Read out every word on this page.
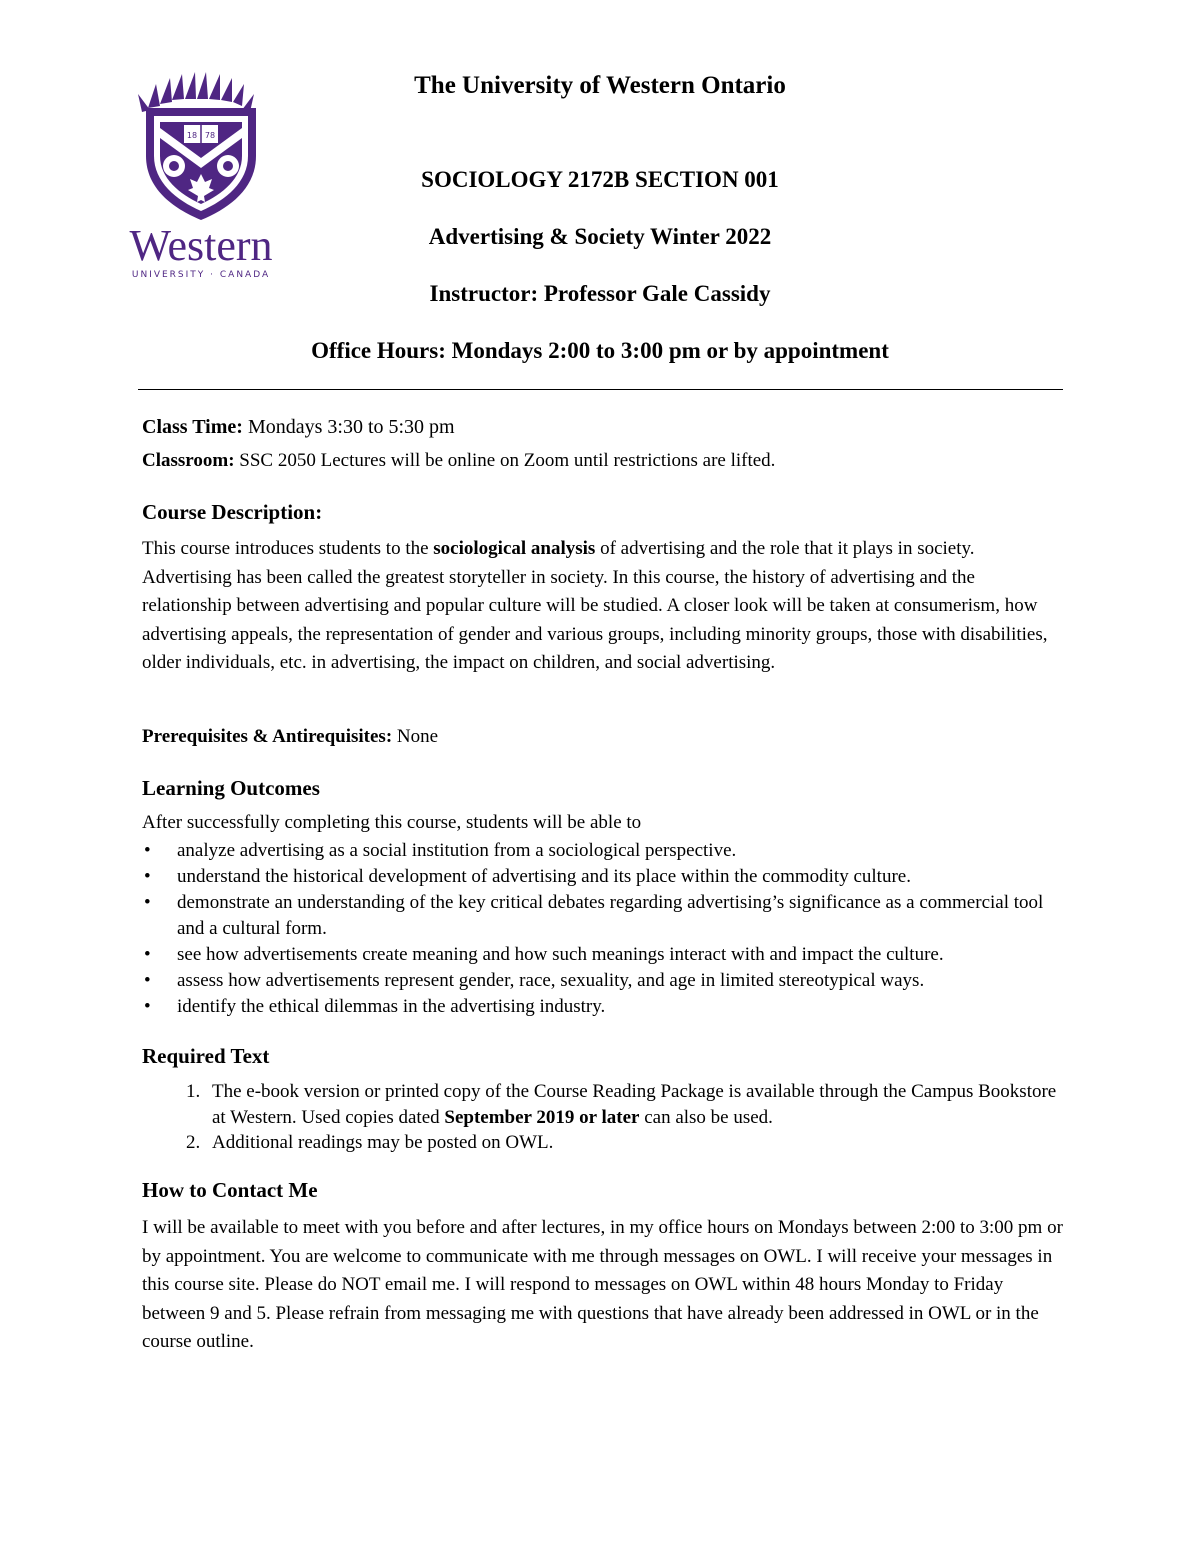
18 78
Western
UNIVERSITY · CANADA
The University of Western Ontario
SOCIOLOGY 2172B SECTION 001
Advertising & Society Winter 2022
Instructor: Professor Gale Cassidy
Office Hours: Mondays 2:00 to 3:00 pm or by appointment
Class Time: Mondays 3:30 to 5:30 pm
Classroom: SSC 2050 Lectures will be online on Zoom until restrictions are lifted.
Course Description:
This course introduces students to the sociological analysis of advertising and the role that it plays in society. Advertising has been called the greatest storyteller in society. In this course, the history of advertising and the relationship between advertising and popular culture will be studied. A closer look will be taken at consumerism, how advertising appeals, the representation of gender and various groups, including minority groups, those with disabilities, older individuals, etc. in advertising, the impact on children, and social advertising.
Prerequisites & Antirequisites: None
Learning Outcomes
After successfully completing this course, students will be able to
• analyze advertising as a social institution from a sociological perspective.
• understand the historical development of advertising and its place within the commodity culture.
• demonstrate an understanding of the key critical debates regarding advertising’s significance as a commercial tool and a cultural form.
• see how advertisements create meaning and how such meanings interact with and impact the culture.
• assess how advertisements represent gender, race, sexuality, and age in limited stereotypical ways.
• identify the ethical dilemmas in the advertising industry.
Required Text
1. The e-book version or printed copy of the Course Reading Package is available through the Campus Bookstore at Western. Used copies dated September 2019 or later can also be used.
2. Additional readings may be posted on OWL.
How to Contact Me
I will be available to meet with you before and after lectures, in my office hours on Mondays between 2:00 to 3:00 pm or by appointment. You are welcome to communicate with me through messages on OWL. I will receive your messages in this course site. Please do NOT email me. I will respond to messages on OWL within 48 hours Monday to Friday between 9 and 5. Please refrain from messaging me with questions that have already been addressed in OWL or in the course outline.
